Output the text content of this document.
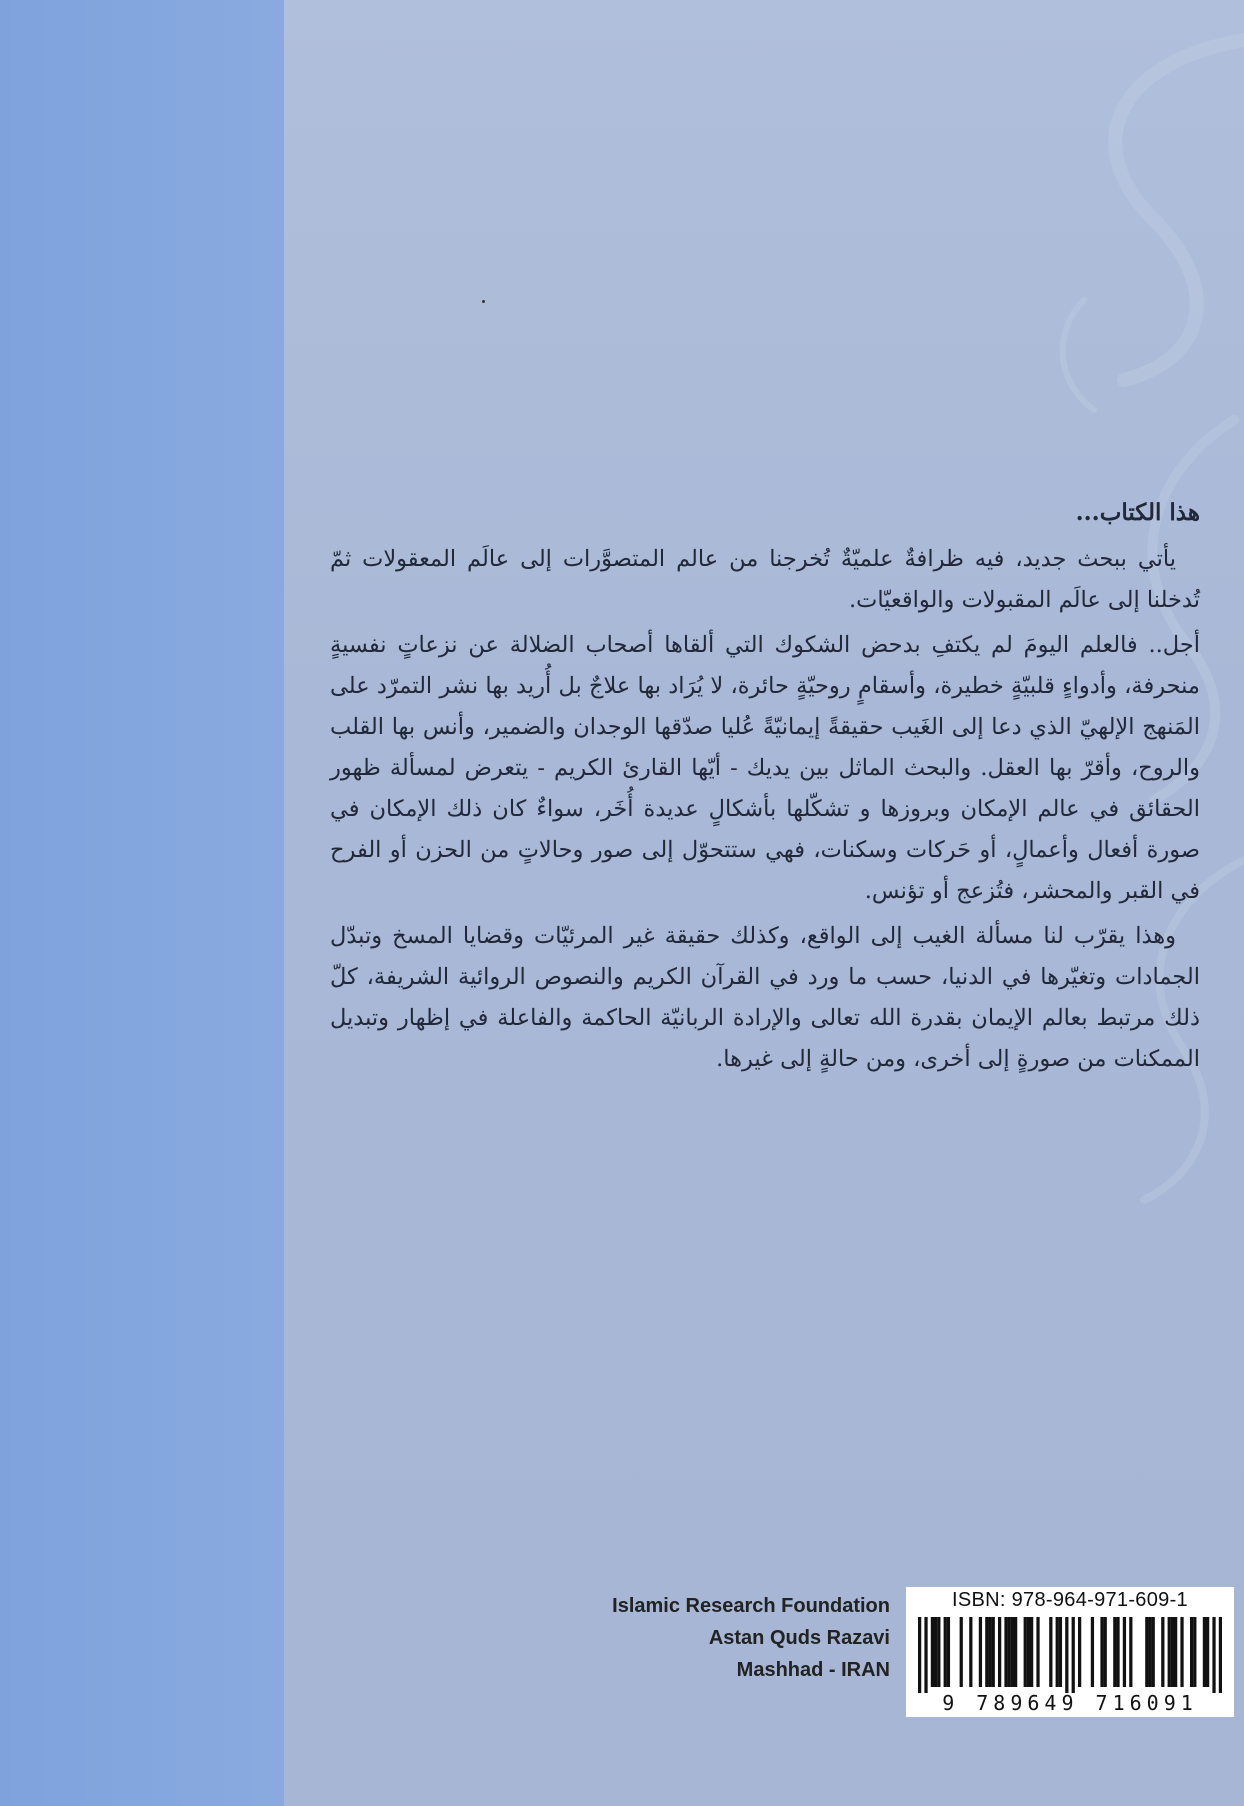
هذا الكتاب...

يأتي ببحث جديد، فيه ظرافةٌ علميّةٌ تُخرجنا من عالم المتصوَّرات إلى عالَم المعقولات ثمّ تُدخلنا إلى عالَم المقبولات والواقعيّات.

أجل.. فالعلم اليومَ لم يكتفِ بدحض الشكوك التي ألقاها أصحاب الضلالة عن نزعاتٍ نفسيةٍ منحرفة، وأدواءٍ قلبيّةٍ خطيرة، وأسقامٍ روحيّةٍ حائرة، لا يُرَاد بها علاجٌ بل أُريد بها نشر التمرّد على المَنهج الإلهيّ الذي دعا إلى الغَيب حقيقةً إيمانيّةً عُليا صدّقها الوجدان والضمير، وأنس بها القلب والروح، وأقرّ بها العقل. والبحث الماثل بين يديك - أيّها القارئ الكريم - يتعرض لمسألة ظهور الحقائق في عالم الإمكان وبروزها و تشكّلها بأشكالٍ عديدة أُخَر، سواءٌ كان ذلك الإمكان في صورة أفعال وأعمالٍ، أو حَركات وسكنات، فهي ستتحوّل إلى صور وحالاتٍ من الحزن أو الفرح في القبر والمحشر، فتُزعج أو تؤنس.

وهذا يقرّب لنا مسألة الغيب إلى الواقع، وكذلك حقيقة غير المرئيّات وقضايا المسخ وتبدّل الجمادات وتغيّرها في الدنيا، حسب ما ورد في القرآن الكريم والنصوص الروائية الشريفة، كلّ ذلك مرتبط بعالم الإيمان بقدرة الله تعالى والإرادة الربانيّة الحاكمة والفاعلة في إظهار وتبديل الممكنات من صورةٍ إلى أخرى، ومن حالةٍ إلى غيرها.

Islamic Research Foundation
Astan Quds Razavi
Mashhad - IRAN
ISBN: 978-964-971-609-1
9 789649 716091
